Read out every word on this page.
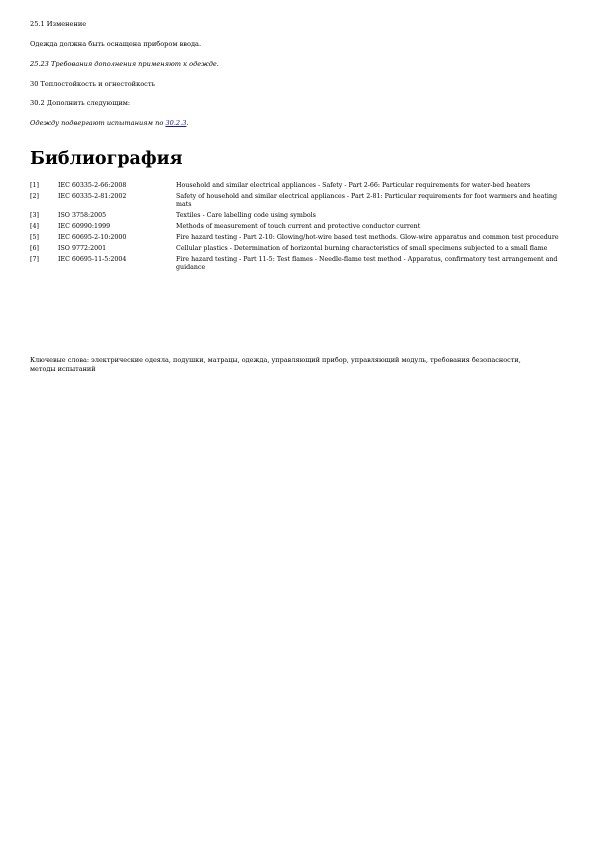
25.1 Изменение
Одежда должна быть оснащена прибором ввода.
25.23 Требования дополнения применяют к одежде.
30 Теплостойкость и огнестойкость
30.2 Дополнить следующим:
Одежду подвергают испытаниям по 30.2.3.
Библиография
[1]	IEC 60335-2-66:2008	Household and similar electrical appliances - Safety - Part 2-66: Particular requirements for water-bed heaters
[2]	IEC 60335-2-81:2002	Safety of household and similar electrical appliances - Part 2-81: Particular requirements for foot warmers and heating mats
[3]	ISO 3758:2005	Textiles - Care labelling code using symbols
[4]	IEC 60990:1999	Methods of measurement of touch current and protective conductor current
[5]	IEC 60695-2-10:2000	Fire hazard testing - Part 2-10: Glowing/hot-wire based test methods. Glow-wire apparatus and common test procedure
[6]	ISO 9772:2001	Cellular plastics - Determination of horizontal burning characteristics of small specimens subjected to a small flame
[7]	IEC 60695-11-5:2004	Fire hazard testing - Part 11-5: Test flames - Needle-flame test method - Apparatus, confirmatory test arrangement and guidance
Ключевые слова: электрические одеяла, подушки, матрацы, одежда, управляющий прибор, управляющий модуль, требования безопасности, методы испытаний
